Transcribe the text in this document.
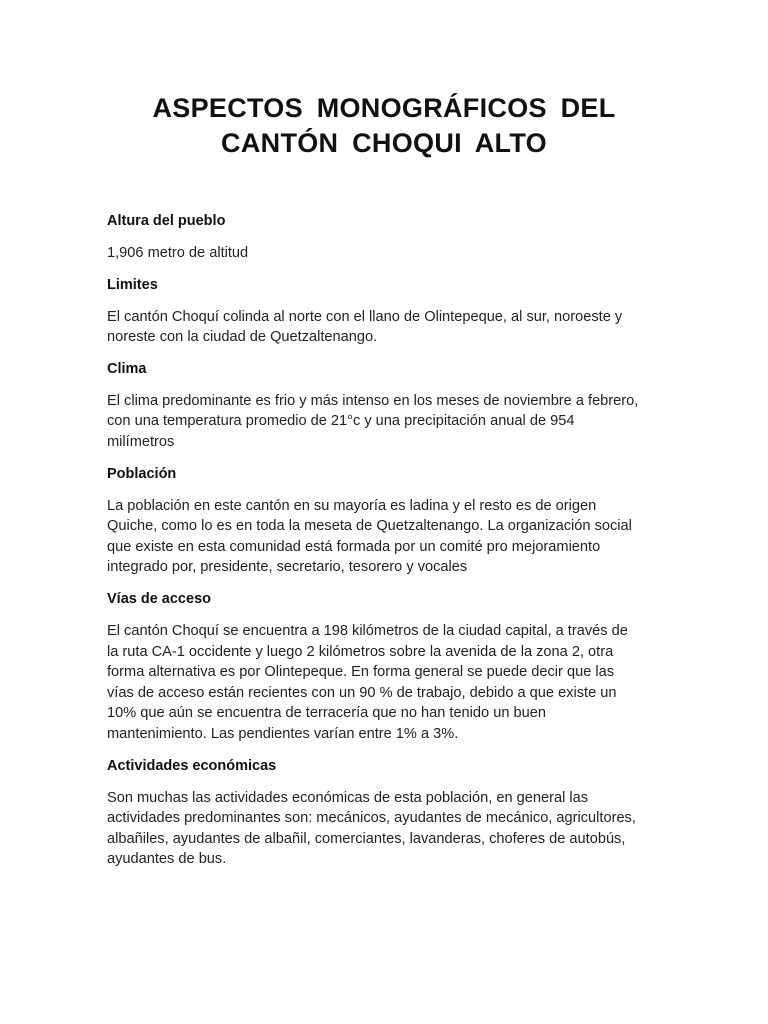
ASPECTOS MONOGRÁFICOS DEL
CANTÓN CHOQUI ALTO
Altura del pueblo

1,906 metro de altitud

Limites

El cantón Choquí colinda al norte con el llano de Olintepeque, al sur, noroeste y
noreste con la ciudad de Quetzaltenango.

Clima

El clima predominante es frio y más intenso en los meses de noviembre a febrero,
con una temperatura promedio de 21°c y una precipitación anual de 954
milímetros

Población

La población en este cantón en su mayoría es ladina y el resto es de origen
Quiche, como lo es en toda la meseta de Quetzaltenango. La organización social
que existe en esta comunidad está formada por un comité pro mejoramiento
integrado por, presidente, secretario, tesorero y vocales

Vías de acceso

El cantón Choquí se encuentra a 198 kilómetros de la ciudad capital, a través de
la ruta CA-1 occidente y luego 2 kilómetros sobre la avenida de la zona 2, otra
forma alternativa es por Olintepeque. En forma general se puede decir que las
vías de acceso están recientes con un 90 % de trabajo, debido a que existe un
10% que aún se encuentra de terracería que no han tenido un buen
mantenimiento. Las pendientes varían entre 1% a 3%.

Actividades económicas

Son muchas las actividades económicas de esta población, en general las
actividades predominantes son: mecánicos, ayudantes de mecánico, agricultores,
albañiles, ayudantes de albañil, comerciantes, lavanderas, choferes de autobús,
ayudantes de bus.
